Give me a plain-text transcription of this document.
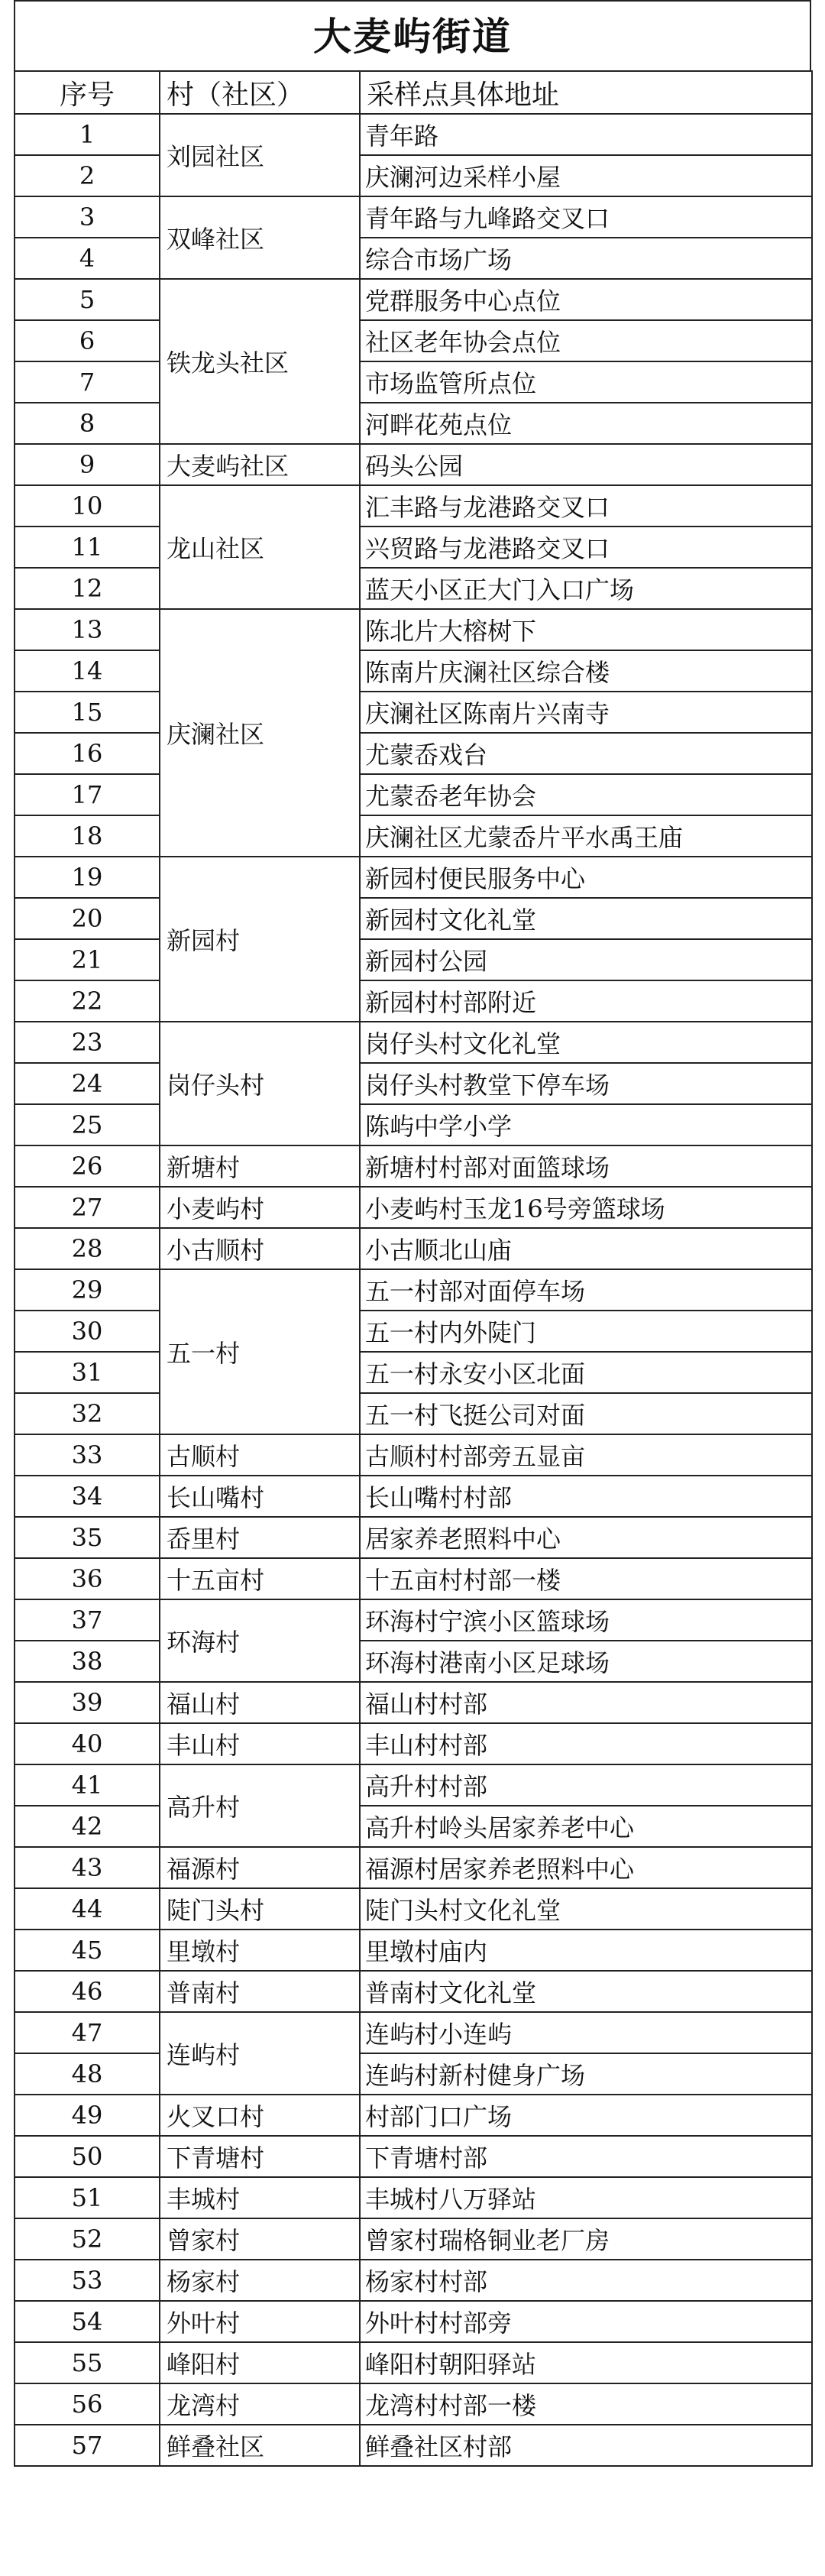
大麦屿街道
序号	村（社区）	采样点具体地址
1	刘园社区	青年路
2		庆澜河边采样小屋
3	双峰社区	青年路与九峰路交叉口
4		综合市场广场
5	铁龙头社区	党群服务中心点位
6		社区老年协会点位
7		市场监管所点位
8		河畔花苑点位
9	大麦屿社区	码头公园
10	龙山社区	汇丰路与龙港路交叉口
11		兴贸路与龙港路交叉口
12		蓝天小区正大门入口广场
13	庆澜社区	陈北片大榕树下
14		陈南片庆澜社区综合楼
15		庆澜社区陈南片兴南寺
16		尤蒙岙戏台
17		尤蒙岙老年协会
18		庆澜社区尤蒙岙片平水禹王庙
19	新园村	新园村便民服务中心
20		新园村文化礼堂
21		新园村公园
22		新园村村部附近
23	岗仔头村	岗仔头村文化礼堂
24		岗仔头村教堂下停车场
25		陈屿中学小学
26	新塘村	新塘村村部对面篮球场
27	小麦屿村	小麦屿村玉龙16号旁篮球场
28	小古顺村	小古顺北山庙
29	五一村	五一村部对面停车场
30		五一村内外陡门
31		五一村永安小区北面
32		五一村飞挺公司对面
33	古顺村	古顺村村部旁五显亩
34	长山嘴村	长山嘴村村部
35	岙里村	居家养老照料中心
36	十五亩村	十五亩村村部一楼
37	环海村	环海村宁滨小区篮球场
38		环海村港南小区足球场
39	福山村	福山村村部
40	丰山村	丰山村村部
41	高升村	高升村村部
42		高升村岭头居家养老中心
43	福源村	福源村居家养老照料中心
44	陡门头村	陡门头村文化礼堂
45	里墩村	里墩村庙内
46	普南村	普南村文化礼堂
47	连屿村	连屿村小连屿
48		连屿村新村健身广场
49	火叉口村	村部门口广场
50	下青塘村	下青塘村部
51	丰城村	丰城村八万驿站
52	曾家村	曾家村瑞格铜业老厂房
53	杨家村	杨家村村部
54	外叶村	外叶村村部旁
55	峰阳村	峰阳村朝阳驿站
56	龙湾村	龙湾村村部一楼
57	鲜叠社区	鲜叠社区村部
